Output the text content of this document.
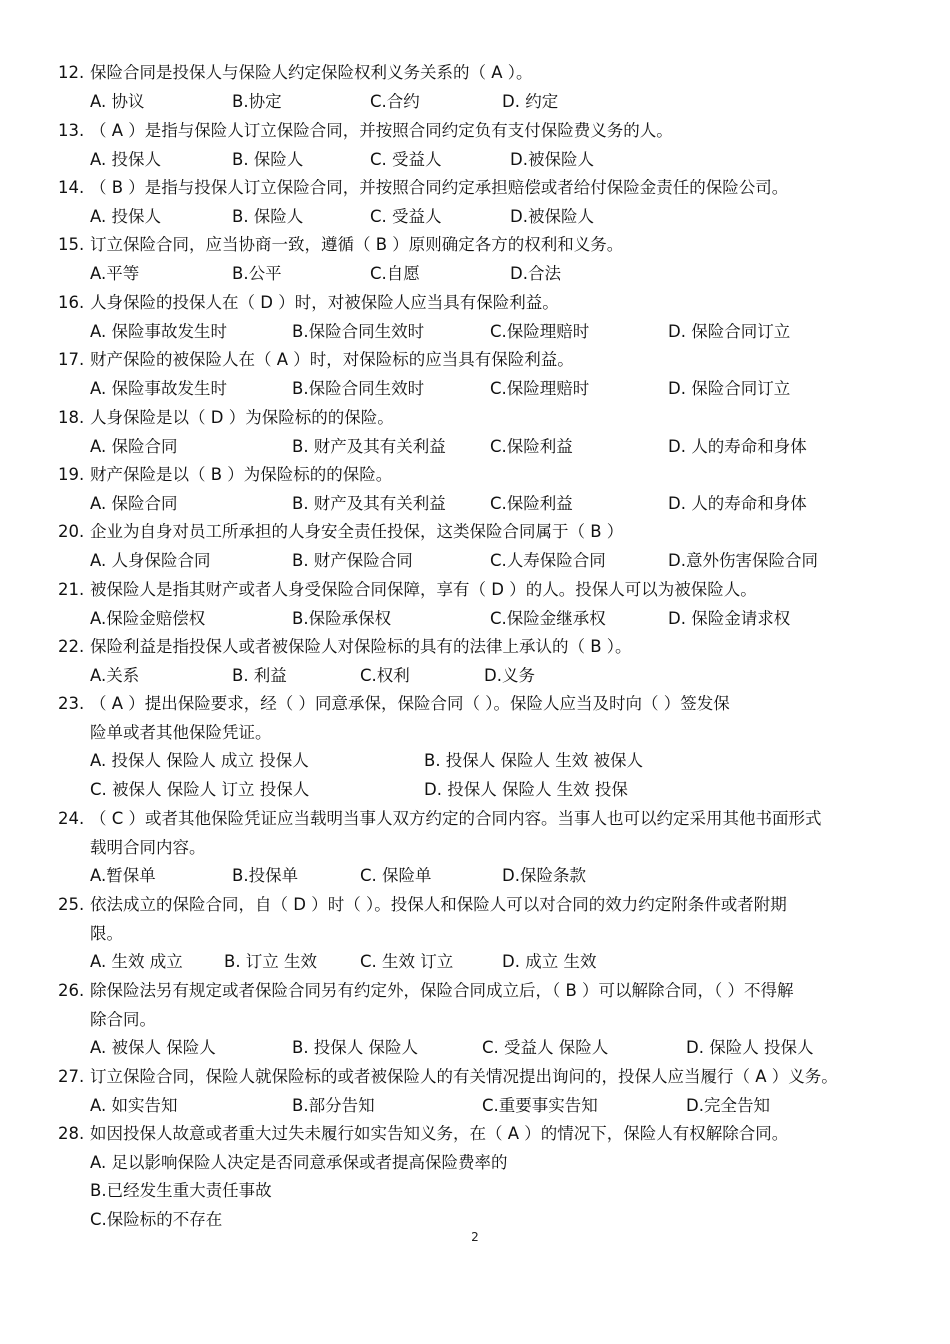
12. 保险合同是投保人与保险人约定保险权利义务关系的（ A ）。
A. 协议	B.协定	C.合约	D. 约定
13. （ A ）是指与保险人订立保险合同，并按照合同约定负有支付保险费义务的人。
A. 投保人	B. 保险人	C. 受益人	D.被保险人
14. （ B ）是指与投保人订立保险合同，并按照合同约定承担赔偿或者给付保险金责任的保险公司。
A. 投保人	B. 保险人	C. 受益人	D.被保险人
15. 订立保险合同，应当协商一致，遵循（ B ）原则确定各方的权利和义务。
A.平等	B.公平	C.自愿	D.合法
16. 人身保险的投保人在（ D ）时，对被保险人应当具有保险利益。
A. 保险事故发生时	B.保险合同生效时	C.保险理赔时	D. 保险合同订立
17. 财产保险的被保险人在（ A ）时，对保险标的应当具有保险利益。
A. 保险事故发生时	B.保险合同生效时	C.保险理赔时	D. 保险合同订立
18. 人身保险是以（ D ）为保险标的的保险。
A. 保险合同	B. 财产及其有关利益	C.保险利益	D. 人的寿命和身体
19. 财产保险是以（ B ）为保险标的的保险。
A. 保险合同	B. 财产及其有关利益	C.保险利益	D. 人的寿命和身体
20. 企业为自身对员工所承担的人身安全责任投保，这类保险合同属于（ B ）
A. 人身保险合同	B. 财产保险合同	C.人寿保险合同	D.意外伤害保险合同
21. 被保险人是指其财产或者人身受保险合同保障，享有（ D ）的人。投保人可以为被保险人。
A.保险金赔偿权	B.保险承保权	C.保险金继承权	D. 保险金请求权
22. 保险利益是指投保人或者被保险人对保险标的具有的法律上承认的（ B ）。
A.关系	B. 利益	C.权利	D.义务
23. （ A ）提出保险要求，经（ ）同意承保，保险合同（ ）。保险人应当及时向（ ）签发保
险单或者其他保险凭证。
A. 投保人 保险人 成立 投保人	B. 投保人 保险人 生效 被保人
C. 被保人 保险人 订立 投保人	D. 投保人 保险人 生效 投保
24. （ C ）或者其他保险凭证应当载明当事人双方约定的合同内容。当事人也可以约定采用其他书面形式
载明合同内容。
A.暂保单	B.投保单	C. 保险单	D.保险条款
25. 依法成立的保险合同，自（ D ）时（ ）。投保人和保险人可以对合同的效力约定附条件或者附期
限。
A. 生效 成立	B. 订立 生效	C. 生效 订立	D. 成立 生效
26. 除保险法另有规定或者保险合同另有约定外，保险合同成立后，（ B ）可以解除合同，（ ）不得解
除合同。
A. 被保人 保险人	B. 投保人 保险人	C. 受益人 保险人	D. 保险人 投保人
27. 订立保险合同，保险人就保险标的或者被保险人的有关情况提出询问的，投保人应当履行（ A ）义务。
A. 如实告知	B.部分告知	C.重要事实告知	D.完全告知
28. 如因投保人故意或者重大过失未履行如实告知义务，在（ A ）的情况下，保险人有权解除合同。
A. 足以影响保险人决定是否同意承保或者提高保险费率的
B.已经发生重大责任事故
C.保险标的不存在
2
